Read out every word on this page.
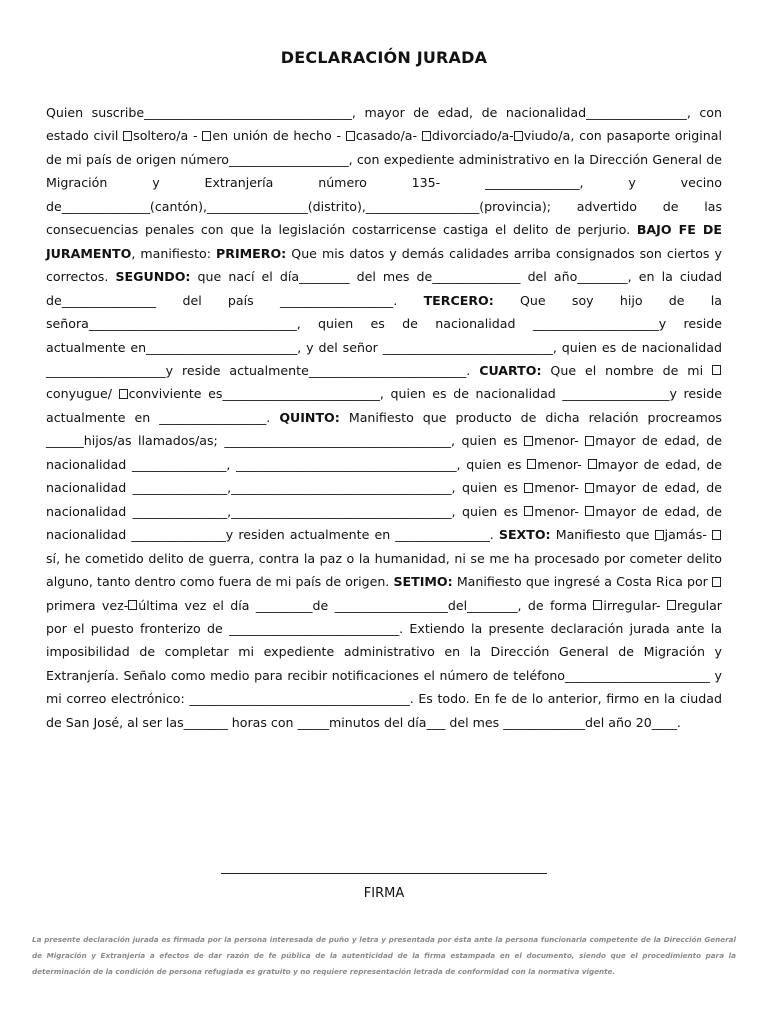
DECLARACIÓN JURADA

Quien suscribe_________________________________, mayor de edad, de nacionalidad________________, con estado civil soltero/a - en unión de hecho - casado/a- divorciado/a- viudo/a, con pasaporte original de mi país de origen número___________________, con expediente administrativo en la Dirección General de Migración y Extranjería número 135-	_______________, y vecino de______________(cantón),________________(distrito),__________________(provincia); advertido de las consecuencias penales con que la legislación costarricense castiga el delito de perjurio. BAJO FE DE JURAMENTO, manifiesto: PRIMERO: Que mis datos y demás calidades arriba consignados son ciertos y correctos. SEGUNDO: que nací el día________ del mes de______________ del año________, en la ciudad de_______________ del país __________________. TERCERO: Que soy hijo de la señora_________________________________, quien es de nacionalidad ____________________y reside actualmente en________________________, y del señor ___________________________, quien es de nacionalidad ___________________y reside actualmente_________________________. CUARTO: Que el nombre de mi conyugue/ conviviente es_________________________, quien es de nacionalidad _________________y reside actualmente en _________________. QUINTO: Manifiesto que producto de dicha relación procreamos ______hijos/as llamados/as; ____________________________________, quien es menor- mayor de edad, de nacionalidad _______________, ___________________________________, quien es menor- mayor de edad, de nacionalidad _______________,___________________________________, quien es menor- mayor de edad, de nacionalidad _______________,___________________________________, quien es menor- mayor de edad, de nacionalidad _______________y residen actualmente en _______________. SEXTO: Manifiesto que jamás- sí, he cometido delito de guerra, contra la paz o la humanidad, ni se me ha procesado por cometer delito alguno, tanto dentro como fuera de mi país de origen. SETIMO: Manifiesto que ingresé a Costa Rica por primera vez- última vez el día _________de __________________del________, de forma irregular- regular por el puesto fronterizo de ___________________________. Extiendo la presente declaración jurada ante la imposibilidad de completar mi expediente administrativo en la Dirección General de Migración y Extranjería. Señalo como medio para recibir notificaciones el número de teléfono_______________________ y mi correo electrónico: ___________________________________. Es todo. En fe de lo anterior, firmo en la ciudad de San José, al ser las_______ horas con _____minutos del día___ del mes _____________del año 20____.

FIRMA

La presente declaración jurada es firmada por la persona interesada de puño y letra y presentada por ésta ante la persona funcionaria competente de la Dirección General de Migración y Extranjería a efectos de dar razón de fe pública de la autenticidad de la firma estampada en el documento, siendo que el procedimiento para la determinación de la condición de persona refugiada es gratuito y no requiere representación letrada de conformidad con la normativa vigente.
